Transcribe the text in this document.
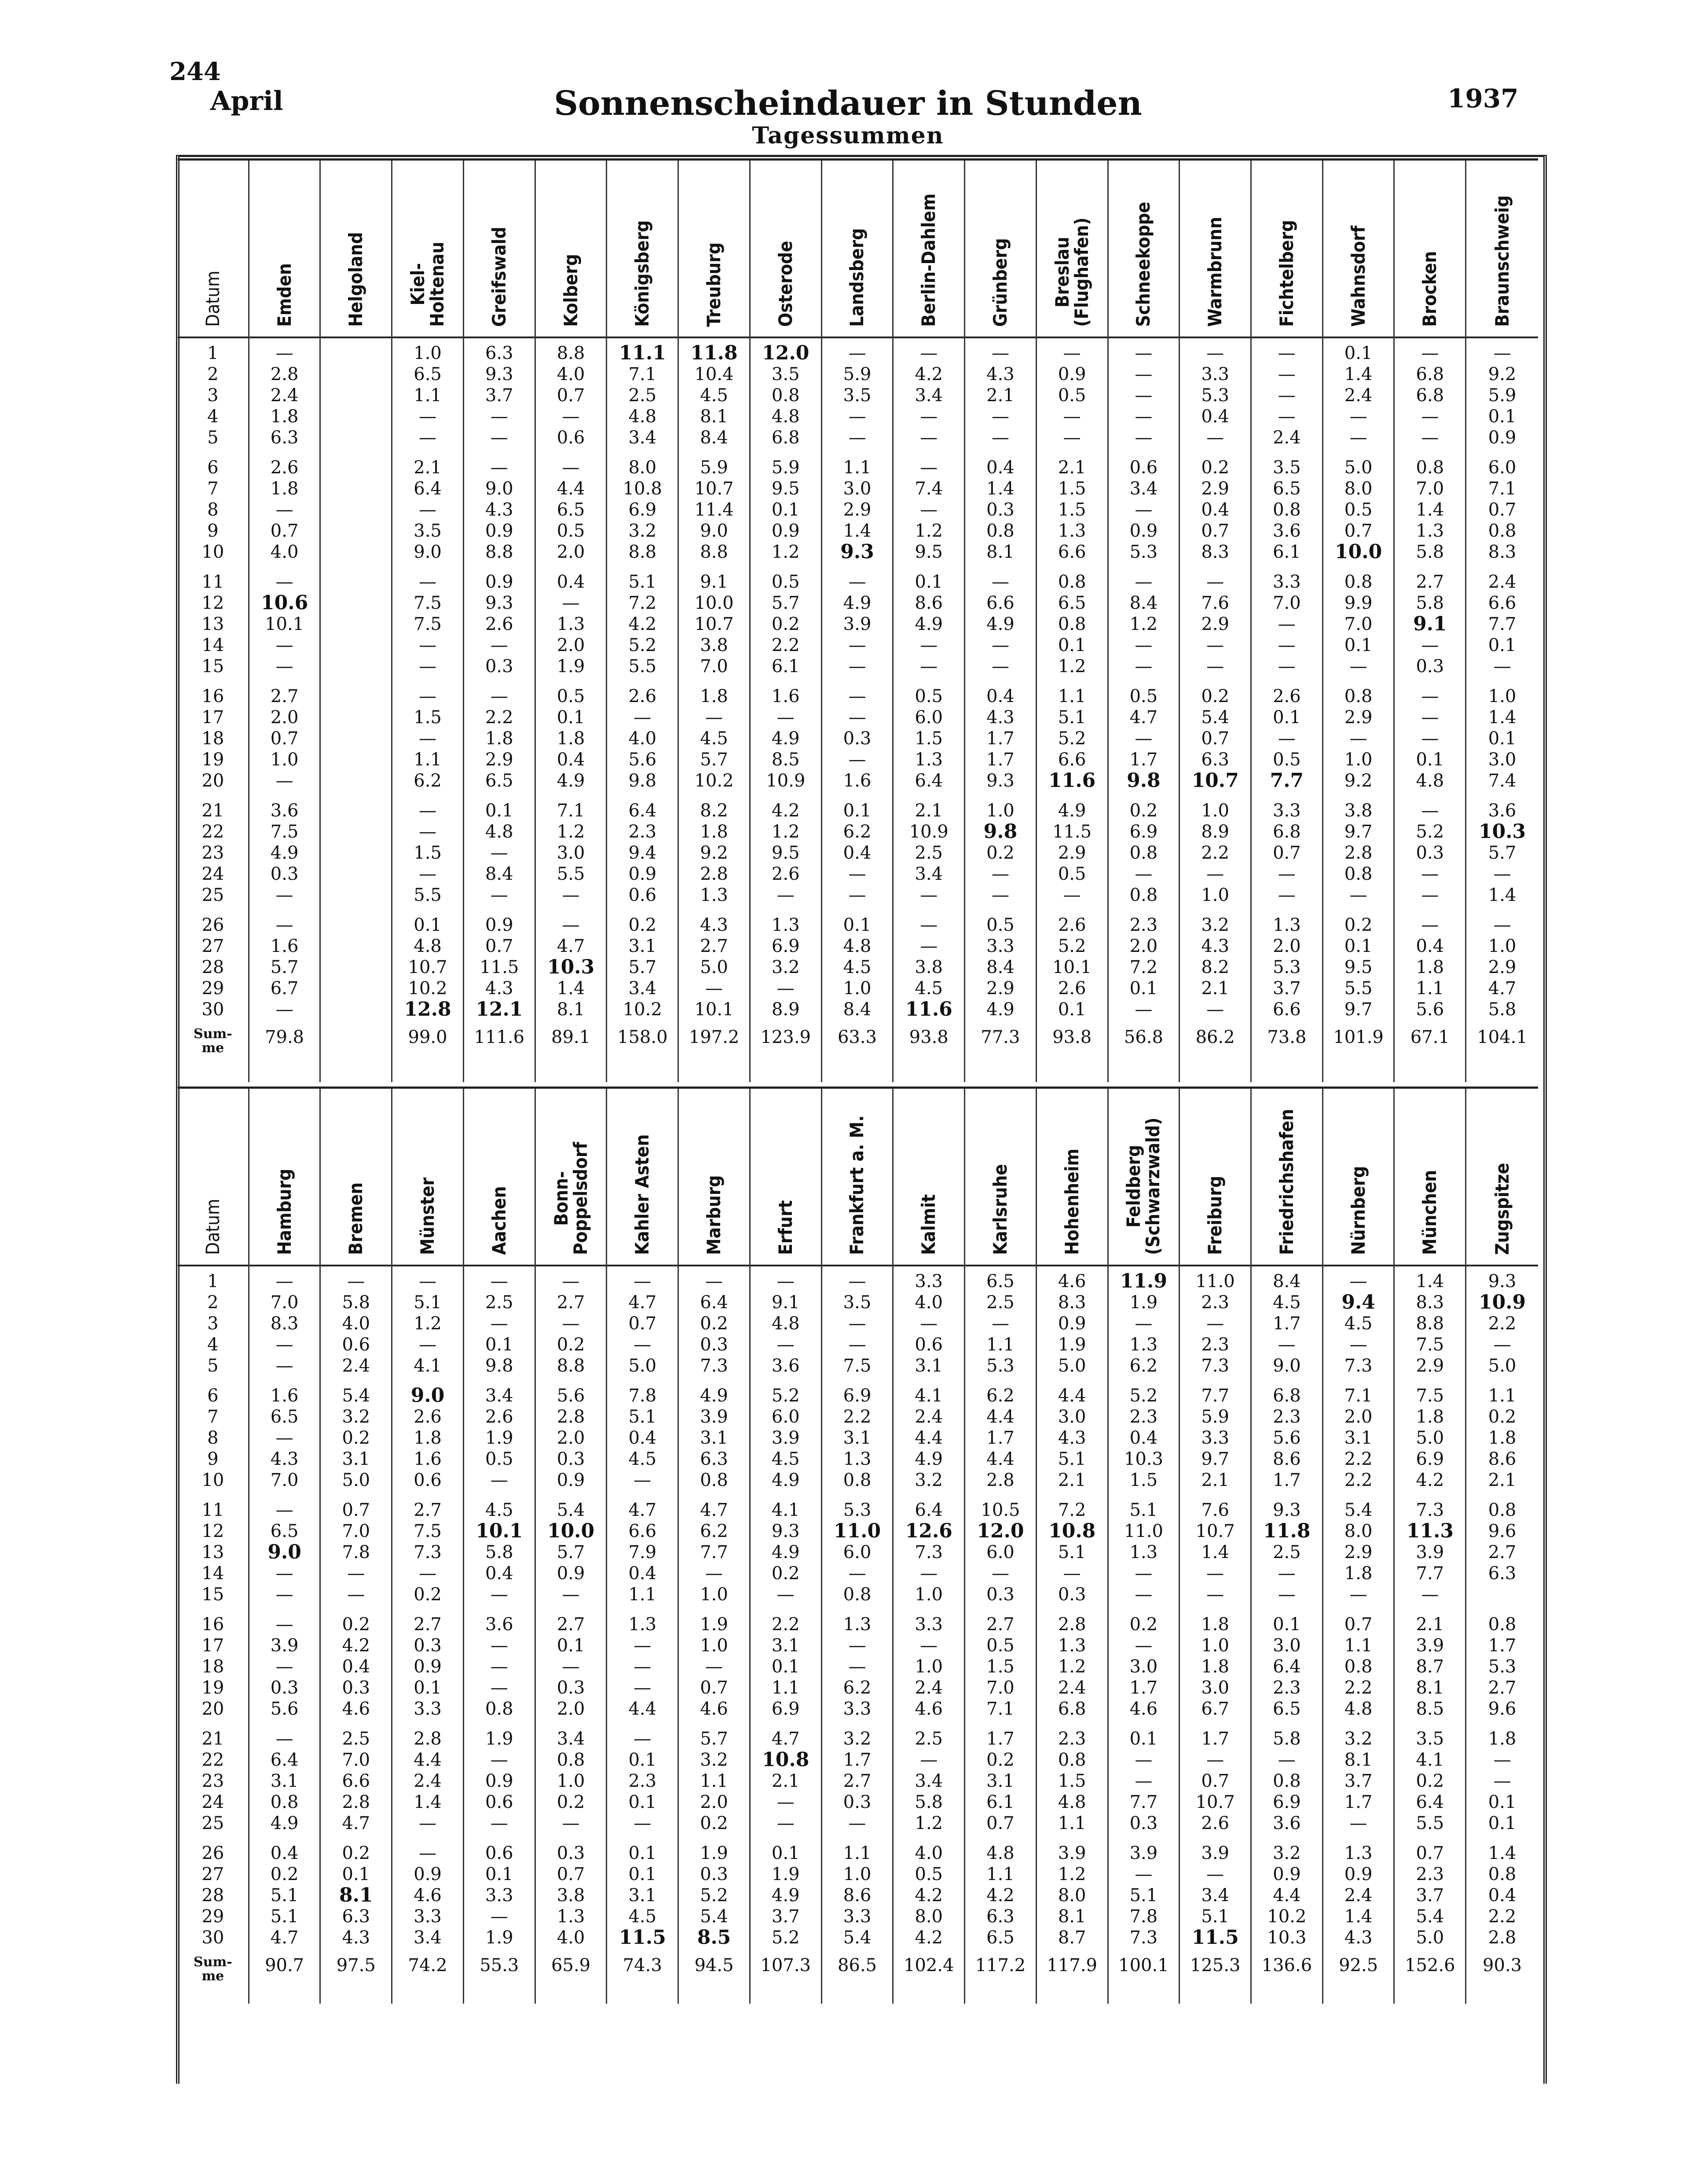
244
April	Sonnenscheindauer in Stunden
Tagessummen
1937
Datum
1
2
3
4
5
6
7
8
9
10
11
12
13
14
15
16
17
18
19
20
21
22
23
24
25
26
27
28
29
30
Sum-
me
Emden
—
2.8
2.4
1.8
6.3
2.6
1.8
—
0.7
4.0
—
10.6
10.1
—
—
2.7
2.0
0.7
1.0
—
3.6
7.5
4.9
0.3
—
—
1.6
5.7
6.7
—
79.8
Helgoland Kiel-
Holtenau
1.0
6.5
1.1
—
—
2.1
6.4
—
3.5
9.0
—
7.5
7.5
—
—
—
1.5
—
1.1
6.2
—
—
1.5
—
5.5
0.1
4.8
10.7
10.2
12.8
99.0
Greifswald
6.3
9.3
3.7
—
—
—
9.0
4.3
0.9
8.8
0.9
9.3
2.6
—
0.3
—
2.2
1.8
2.9
6.5
0.1
4.8
—
8.4
—
0.9
0.7
11.5
4.3
12.1
111.6
Kolberg
8.8
4.0
0.7
—
0.6
—
4.4
6.5
0.5
2.0
0.4
—
1.3
2.0
1.9
0.5
0.1
1.8
0.4
4.9
7.1
1.2
3.0
5.5
—
—
4.7
10.3
1.4
8.1
89.1
Königsberg
11.1
7.1
2.5
4.8
3.4
8.0
10.8
6.9
3.2
8.8
5.1
7.2
4.2
5.2
5.5
2.6
—
4.0
5.6
9.8
6.4
2.3
9.4
0.9
0.6
0.2
3.1
5.7
3.4
10.2
158.0
Treuburg
11.8
10.4
4.5
8.1
8.4
5.9
10.7
11.4
9.0
8.8
9.1
10.0
10.7
3.8
7.0
1.8
—
4.5
5.7
10.2
8.2
1.8
9.2
2.8
1.3
4.3
2.7
5.0
—
10.1
197.2
Osterode
12.0
3.5
0.8
4.8
6.8
5.9
9.5
0.1
0.9
1.2
0.5
5.7
0.2
2.2
6.1
1.6
—
4.9
8.5
10.9
4.2
1.2
9.5
2.6
—
1.3
6.9
3.2
—
8.9
123.9
Landsberg
—
5.9
3.5
—
—
1.1
3.0
2.9
1.4
9.3
—
4.9
3.9
—
—
—
—
0.3
—
1.6
0.1
6.2
0.4
—
—
0.1
4.8
4.5
1.0
8.4
63.3
Berlin-Dahlem
—
4.2
3.4
—
—
—
7.4
—
1.2
9.5
0.1
8.6
4.9
—
—
0.5
6.0
1.5
1.3
6.4
2.1
10.9
2.5
3.4
—
—
—
3.8
4.5
11.6
93.8
Grünberg
—
4.3
2.1
—
—
0.4
1.4
0.3
0.8
8.1
—
6.6
4.9
—
—
0.4
4.3
1.7
1.7
9.3
1.0
9.8
0.2
—
—
0.5
3.3
8.4
2.9
4.9
77.3
Breslau
(Flughafen)
—
0.9
0.5
—
—
2.1
1.5
1.5
1.3
6.6
0.8
6.5
0.8
0.1
1.2
1.1
5.1
5.2
6.6
11.6
4.9
11.5
2.9
0.5
—
2.6
5.2
10.1
2.6
0.1
93.8
Schneekoppe
—
—
—
—
—
0.6
3.4
—
0.9
5.3
—
8.4
1.2
—
—
0.5
4.7
—
1.7
9.8
0.2
6.9
0.8
—
0.8
2.3
2.0
7.2
0.1
—
56.8
Warmbrunn
—
3.3
5.3
0.4
—
0.2
2.9
0.4
0.7
8.3
—
7.6
2.9
—
—
0.2
5.4
0.7
6.3
10.7
1.0
8.9
2.2
—
1.0
3.2
4.3
8.2
2.1
—
86.2
Fichtelberg
—
—
—
—
2.4
3.5
6.5
0.8
3.6
6.1
3.3
7.0
—
—
—
2.6
0.1
—
0.5
7.7
3.3
6.8
0.7
—
—
1.3
2.0
5.3
3.7
6.6
73.8
Wahnsdorf
0.1
1.4
2.4
—
—
5.0
8.0
0.5
0.7
10.0
0.8
9.9
7.0
0.1
—
0.8
2.9
—
1.0
9.2
3.8
9.7
2.8
0.8
—
0.2
0.1
9.5
5.5
9.7
101.9
Brocken
—
6.8
6.8
—
—
0.8
7.0
1.4
1.3
5.8
2.7
5.8
9.1
—
0.3
—
—
—
0.1
4.8
—
5.2
0.3
—
—
—
0.4
1.8
1.1
5.6
67.1
Braunschweig
—
9.2
5.9
0.1
0.9
6.0
7.1
0.7
0.8
8.3
2.4
6.6
7.7
0.1
—
1.0
1.4
0.1
3.0
7.4
3.6
10.3
5.7
—
1.4
—
1.0
2.9
4.7
5.8
104.1
Datum
1
2
3
4
5
6
7
8
9
10
11
12
13
14
15
16
17
18
19
20
21
22
23
24
25
26
27
28
29
30
Sum-
me
Hamburg
—
7.0
8.3
—
—
1.6
6.5
—
4.3
7.0
—
6.5
9.0
—
—
—
3.9
—
0.3
5.6
—
6.4
3.1
0.8
4.9
0.4
0.2
5.1
5.1
4.7
90.7
Bremen
—
5.8
4.0
0.6
2.4
5.4
3.2
0.2
3.1
5.0
0.7
7.0
7.8
—
—
0.2
4.2
0.4
0.3
4.6
2.5
7.0
6.6
2.8
4.7
0.2
0.1
8.1
6.3
4.3
97.5
Münster
—
5.1
1.2
—
4.1
9.0
2.6
1.8
1.6
0.6
2.7
7.5
7.3
—
0.2
2.7
0.3
0.9
0.1
3.3
2.8
4.4
2.4
1.4
—
—
0.9
4.6
3.3
3.4
74.2
Aachen
—
2.5
—
0.1
9.8
3.4
2.6
1.9
0.5
—
4.5
10.1
5.8
0.4
—
3.6
—
—
—
0.8
1.9
—
0.9
0.6
—
0.6
0.1
3.3
—
1.9
55.3
Bonn-
Poppelsdorf
—
2.7
—
0.2
8.8
5.6
2.8
2.0
0.3
0.9
5.4
10.0
5.7
0.9
—
2.7
0.1
—
0.3
2.0
3.4
0.8
1.0
0.2
—
0.3
0.7
3.8
1.3
4.0
65.9
Kahler Asten
—
4.7
0.7
—
5.0
7.8
5.1
0.4
4.5
—
4.7
6.6
7.9
0.4
1.1
1.3
—
—
—
4.4
—
0.1
2.3
0.1
—
0.1
0.1
3.1
4.5
11.5
74.3
Marburg
—
6.4
0.2
0.3
7.3
4.9
3.9
3.1
6.3
0.8
4.7
6.2
7.7
—
1.0
1.9
1.0
—
0.7
4.6
5.7
3.2
1.1
2.0
0.2
1.9
0.3
5.2
5.4
8.5
94.5
Erfurt
—
9.1
4.8
—
3.6
5.2
6.0
3.9
4.5
4.9
4.1
9.3
4.9
0.2
—
2.2
3.1
0.1
1.1
6.9
4.7
10.8
2.1
—
—
0.1
1.9
4.9
3.7
5.2
107.3
Frankfurt a. M.
—
3.5
—
—
7.5
6.9
2.2
3.1
1.3
0.8
5.3
11.0
6.0
—
0.8
1.3
—
—
6.2
3.3
3.2
1.7
2.7
0.3
—
1.1
1.0
8.6
3.3
5.4
86.5
Kalmit
3.3
4.0
—
0.6
3.1
4.1
2.4
4.4
4.9
3.2
6.4
12.6
7.3
—
1.0
3.3
—
1.0
2.4
4.6
2.5
—
3.4
5.8
1.2
4.0
0.5
4.2
8.0
4.2
102.4
Karlsruhe
6.5
2.5
—
1.1
5.3
6.2
4.4
1.7
4.4
2.8
10.5
12.0
6.0
—
0.3
2.7
0.5
1.5
7.0
7.1
1.7
0.2
3.1
6.1
0.7
4.8
1.1
4.2
6.3
6.5
117.2
Hohenheim
4.6
8.3
0.9
1.9
5.0
4.4
3.0
4.3
5.1
2.1
7.2
10.8
5.1
—
0.3
2.8
1.3
1.2
2.4
6.8
2.3
0.8
1.5
4.8
1.1
3.9
1.2
8.0
8.1
8.7
117.9
Feldberg
(Schwarzwald)
11.9
1.9
—
1.3
6.2
5.2
2.3
0.4
10.3
1.5
5.1
11.0
1.3
—
—
0.2
—
3.0
1.7
4.6
0.1
—
—
7.7
0.3
3.9
—
5.1
7.8
7.3
100.1
Freiburg
11.0
2.3
—
2.3
7.3
7.7
5.9
3.3
9.7
2.1
7.6
10.7
1.4
—
—
1.8
1.0
1.8
3.0
6.7
1.7
—
0.7
10.7
2.6
3.9
—
3.4
5.1
11.5
125.3
Friedrichshafen
8.4
4.5
1.7
—
9.0
6.8
2.3
5.6
8.6
1.7
9.3
11.8
2.5
—
—
0.1
3.0
6.4
2.3
6.5
5.8
—
0.8
6.9
3.6
3.2
0.9
4.4
10.2
10.3
136.6
Nürnberg
—
9.4
4.5
—
7.3
7.1
2.0
3.1
2.2
2.2
5.4
8.0
2.9
1.8
—
0.7
1.1
0.8
2.2
4.8
3.2
8.1
3.7
1.7
—
1.3
0.9
2.4
1.4
4.3
92.5
München
1.4
8.3
8.8
7.5
2.9
7.5
1.8
5.0
6.9
4.2
7.3
11.3
3.9
7.7
—
2.1
3.9
8.7
8.1
8.5
3.5
4.1
0.2
6.4
5.5
0.7
2.3
3.7
5.4
5.0
152.6
Zugspitze
9.3
10.9
2.2
—
5.0
1.1
0.2
1.8
8.6
2.1
0.8
9.6
2.7
6.3
0.8
1.7
5.3
2.7
9.6
1.8
—
—
0.1
0.1
1.4
0.8
0.4
2.2
2.8
90.3
